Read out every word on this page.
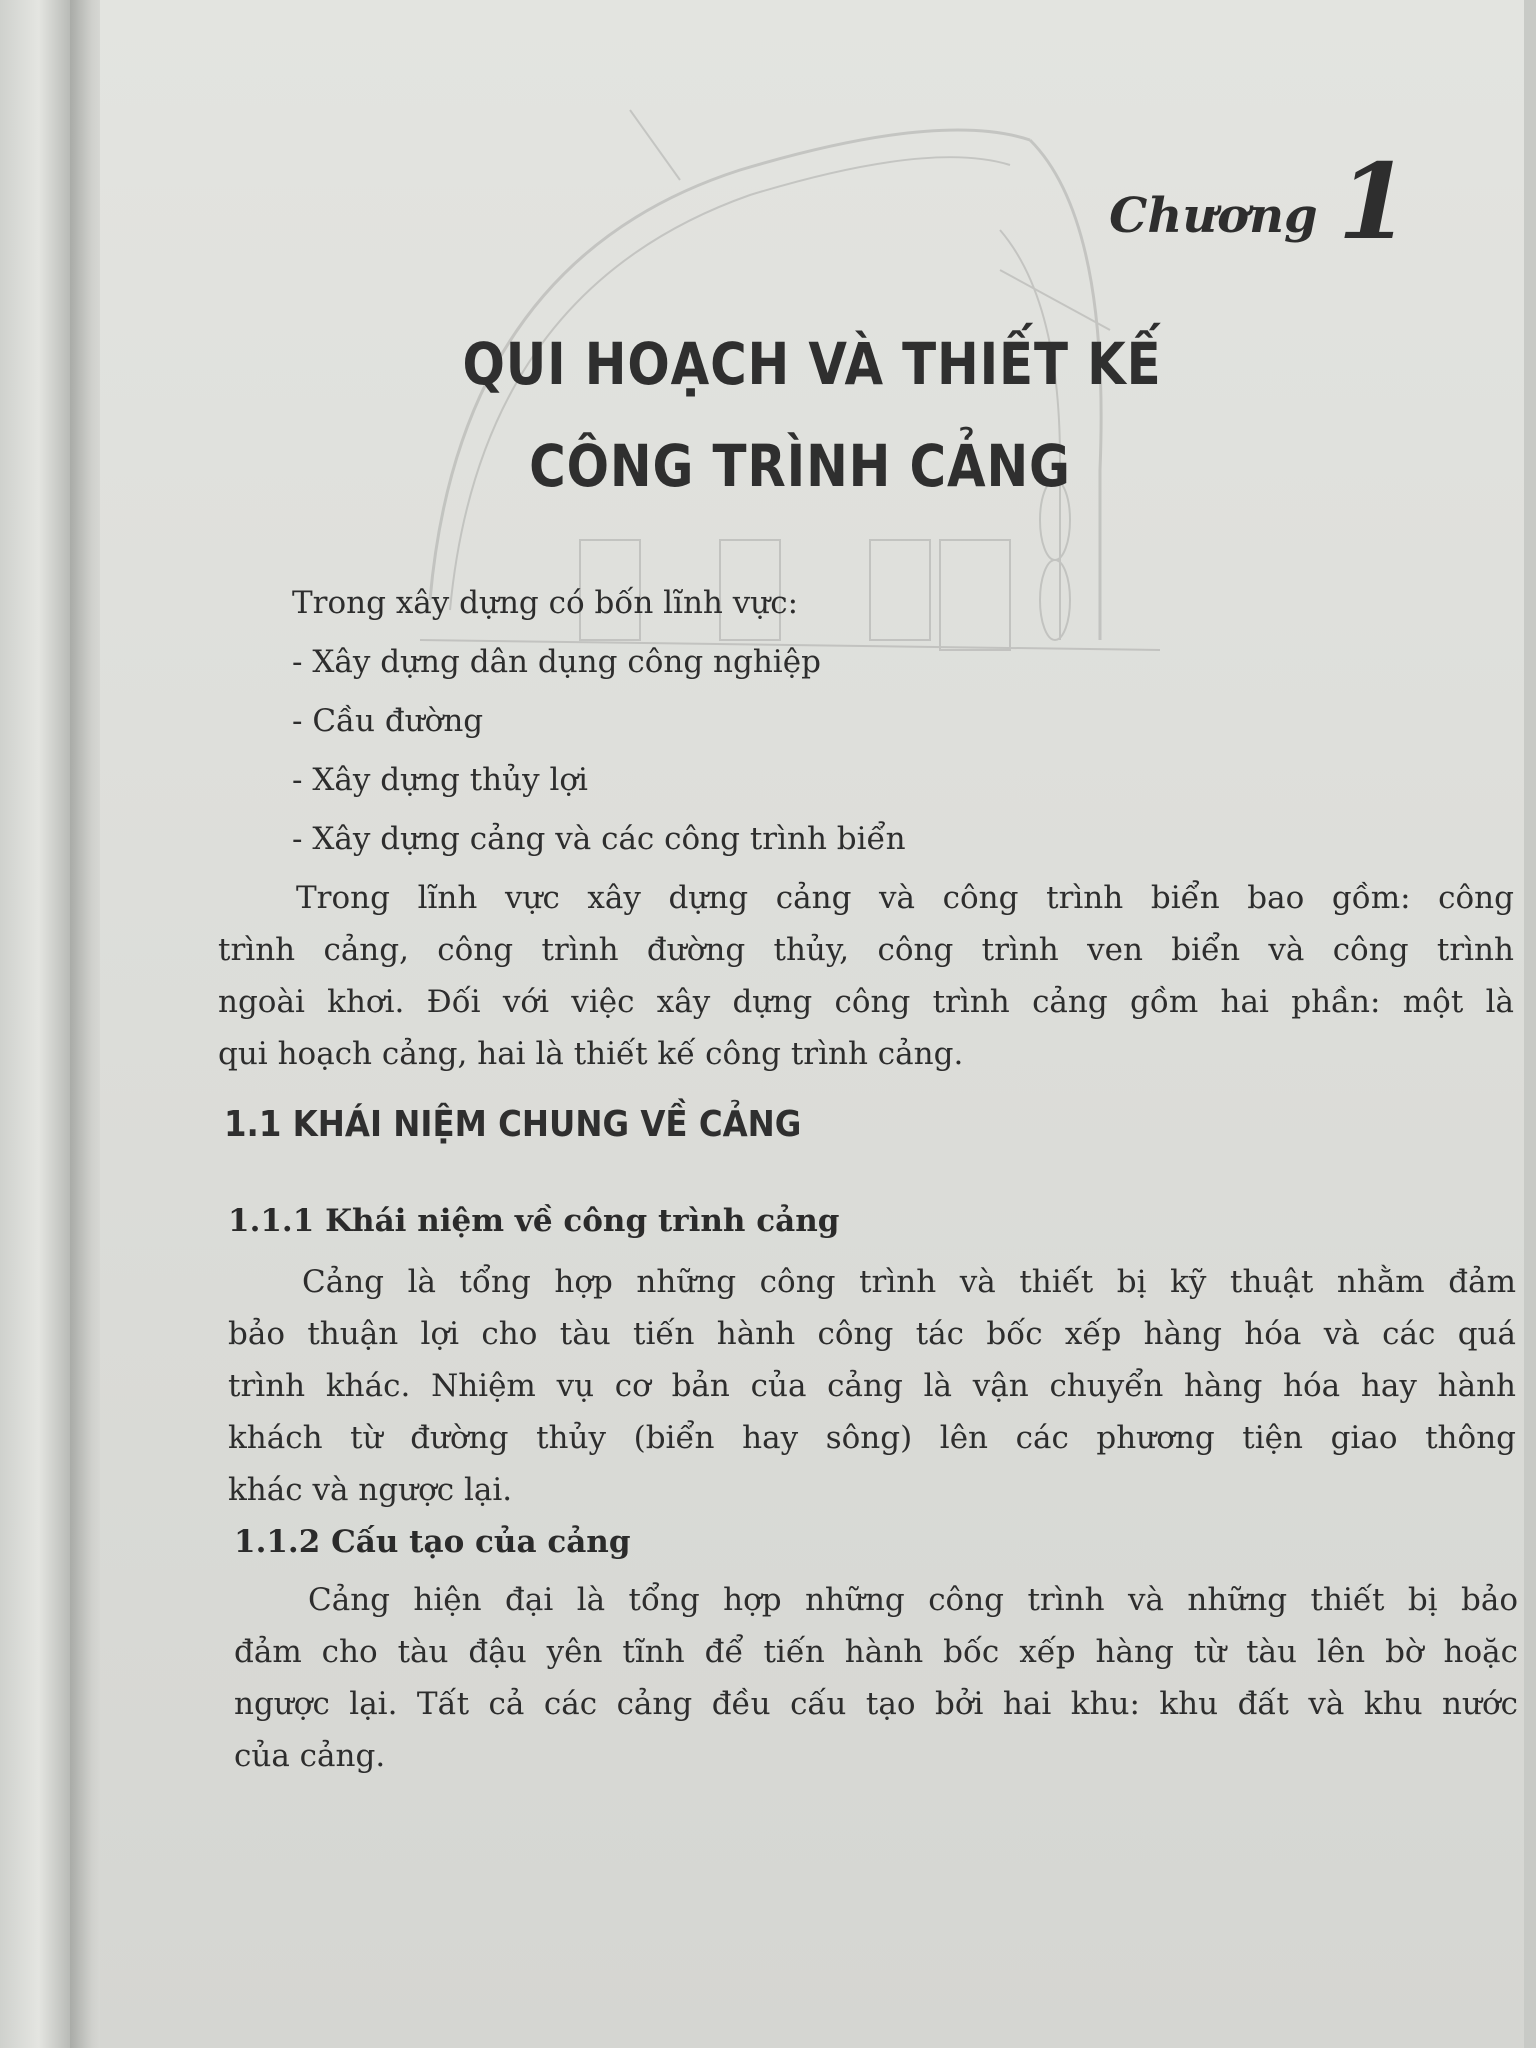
Chương 1
QUI HOẠCH VÀ THIẾT KẾ
CÔNG TRÌNH CẢNG
Trong xây dựng có bốn lĩnh vực:
- Xây dựng dân dụng công nghiệp
- Cầu đường
- Xây dựng thủy lợi
- Xây dựng cảng và các công trình biển
Trong lĩnh vực xây dựng cảng và công trình biển bao gồm: công
trình cảng, công trình đường thủy, công trình ven biển và công trình
ngoài khơi. Đối với việc xây dựng công trình cảng gồm hai phần: một là
qui hoạch cảng, hai là thiết kế công trình cảng.
1.1 KHÁI NIỆM CHUNG VỀ CẢNG
1.1.1 Khái niệm về công trình cảng
Cảng là tổng hợp những công trình và thiết bị kỹ thuật nhằm đảm
bảo thuận lợi cho tàu tiến hành công tác bốc xếp hàng hóa và các quá
trình khác. Nhiệm vụ cơ bản của cảng là vận chuyển hàng hóa hay hành
khách từ đường thủy (biển hay sông) lên các phương tiện giao thông
khác và ngược lại.
1.1.2 Cấu tạo của cảng
Cảng hiện đại là tổng hợp những công trình và những thiết bị bảo
đảm cho tàu đậu yên tĩnh để tiến hành bốc xếp hàng từ tàu lên bờ hoặc
ngược lại. Tất cả các cảng đều cấu tạo bởi hai khu: khu đất và khu nước
của cảng.
